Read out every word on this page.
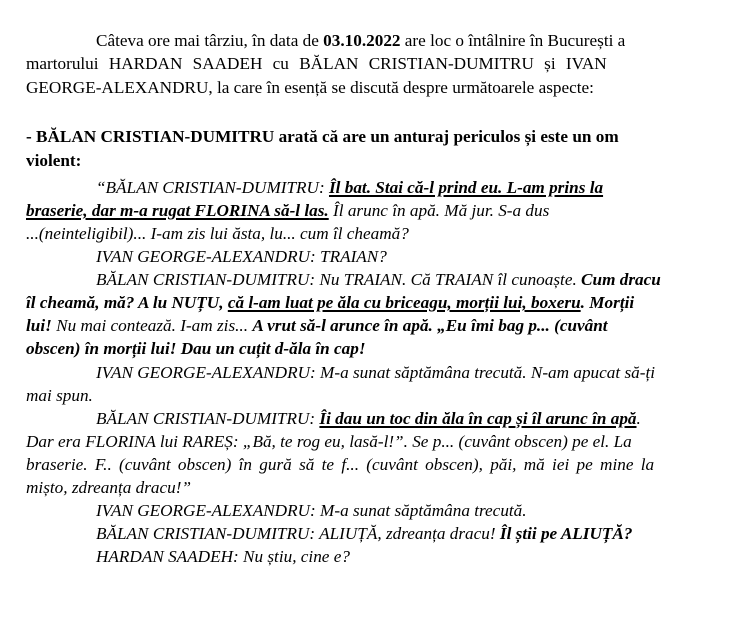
Câteva ore mai târziu, în data de 03.10.2022 are loc o întâlnire în București a
martorului HARDAN SAADEH cu BĂLAN CRISTIAN-DUMITRU și IVAN
GEORGE-ALEXANDRU, la care în esență se discută despre următoarele aspecte:
- BĂLAN CRISTIAN-DUMITRU arată că are un anturaj periculos și este un om
violent:
“BĂLAN CRISTIAN-DUMITRU: Îl bat. Stai că-l prind eu. L-am prins la
braserie, dar m-a rugat FLORINA să-l las. Îl arunc în apă. Mă jur. S-a dus
...(neinteligibil)... I-am zis lui ăsta, lu... cum îl cheamă?
IVAN GEORGE-ALEXANDRU: TRAIAN?
BĂLAN CRISTIAN-DUMITRU: Nu TRAIAN. Că TRAIAN îl cunoaște. Cum dracu
îl cheamă, mă? A lu NUȚU, că l-am luat pe ăla cu briceagu, morții lui, boxeru. Morții
lui! Nu mai contează. I-am zis... A vrut să-l arunce în apă. „Eu îmi bag p... (cuvânt
obscen) în morții lui! Dau un cuțit d-ăla în cap!
IVAN GEORGE-ALEXANDRU: M-a sunat săptămâna trecută. N-am apucat să-ți
mai spun.
BĂLAN CRISTIAN-DUMITRU: Îi dau un toc din ăla în cap și îl arunc în apă.
Dar era FLORINA lui RAREȘ: „Bă, te rog eu, lasă-l!”. Se p... (cuvânt obscen) pe el. La
braserie. F.. (cuvânt obscen) în gură să te f... (cuvânt obscen), păi, mă iei pe mine la
miștο, zdreanța dracu!”
IVAN GEORGE-ALEXANDRU: M-a sunat săptămâna trecută.
BĂLAN CRISTIAN-DUMITRU: ALIUȚĂ, zdreanța dracu! Îl știi pe ALIUȚĂ?
HARDAN SAADEH: Nu știu, cine e?
